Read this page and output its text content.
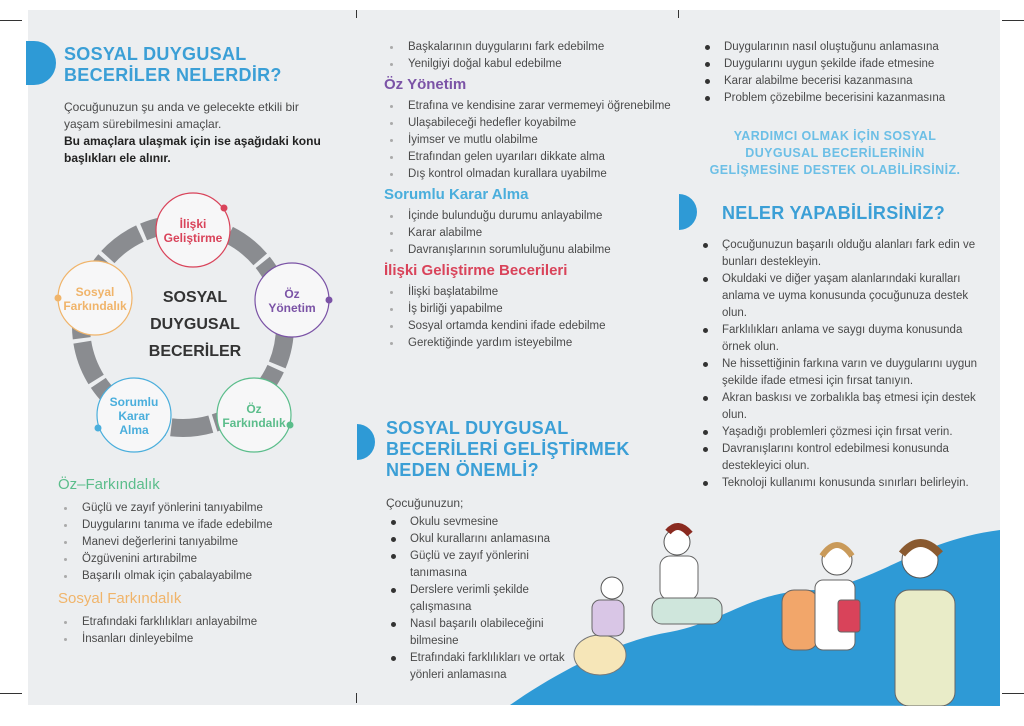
SOSYAL DUYGUSAL
BECERİLER NELERDİR?
Çocuğunuzun şu anda ve gelecekte etkili bir yaşam sürebilmesini amaçlar.
Bu amaçlara ulaşmak için ise aşağıdaki konu başlıkları ele alınır.
İlişki
Geliştirme
Öz
Yönetim
Öz
Farkındalık
Sorumlu
Karar
Alma
Sosyal
Farkındalık SOSYAL
DUYGUSAL
BECERİLER
Öz–Farkındalık
Güçlü ve zayıf yönlerini tanıyabilme
Duygularını tanıma ve ifade edebilme
Manevi değerlerini tanıyabilme
Özgüvenini artırabilme
Başarılı olmak için çabalayabilme
Sosyal Farkındalık
Etrafındaki farklılıkları anlayabilme
İnsanları dinleyebilme
Başkalarının duygularını fark edebilme
Yenilgiyi doğal kabul edebilme
Öz Yönetim
Etrafına ve kendisine zarar vermemeyi öğrenebilme
Ulaşabileceği hedefler koyabilme
İyimser ve mutlu olabilme
Etrafından gelen uyarıları dikkate alma
Dış kontrol olmadan kurallara uyabilme
Sorumlu Karar Alma
İçinde bulunduğu durumu anlayabilme
Karar alabilme
Davranışlarının sorumluluğunu alabilme
İlişki Geliştirme Becerileri
İlişki başlatabilme
İş birliği yapabilme
Sosyal ortamda kendini ifade edebilme
Gerektiğinde yardım isteyebilme
SOSYAL DUYGUSAL
BECERİLERİ GELİŞTİRMEK
NEDEN ÖNEMLİ?
Çocuğunuzun;
Okulu sevmesine
Okul kurallarını anlamasına
Güçlü ve zayıf yönlerini tanımasına
Derslere verimli şekilde çalışmasına
Nasıl başarılı olabileceğini bilmesine
Etrafındaki farklılıkları ve ortak yönleri anlamasına
Duygularının nasıl oluştuğunu anlamasına
Duygularını uygun şekilde ifade etmesine
Karar alabilme becerisi kazanmasına
Problem çözebilme becerisini kazanmasına
YARDIMCI OLMAK İÇİN SOSYAL
DUYGUSAL BECERİLERİNİN
GELİŞMESİNE DESTEK OLABİLİRSİNİZ.
NELER YAPABİLİRSİNİZ?
Çocuğunuzun başarılı olduğu alanları fark edin ve bunları destekleyin.
Okuldaki ve diğer yaşam alanlarındaki kuralları anlama ve uyma konusunda çocuğunuza destek olun.
Farklılıkları anlama ve saygı duyma konusunda örnek olun.
Ne hissettiğinin farkına varın ve duygularını uygun şekilde ifade etmesi için fırsat tanıyın.
Akran baskısı ve zorbalıkla baş etmesi için destek olun.
Yaşadığı problemleri çözmesi için fırsat verin.
Davranışlarını kontrol edebilmesi konusunda destekleyici olun.
Teknoloji kullanımı konusunda sınırları belirleyin.
